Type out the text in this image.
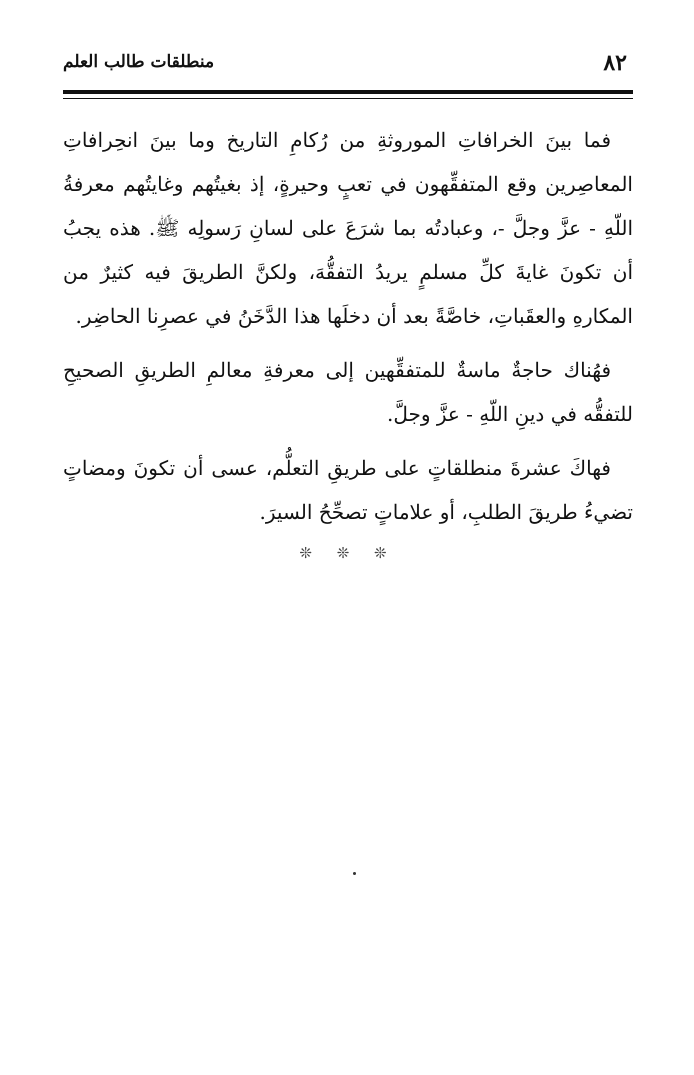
٨٢
منطلقات طالب العلم

فما بينَ الخرافاتِ الموروثةِ من رُكامِ التاريخ وما بينَ انحِرافاتِ المعاصِرين وقع المتفقِّهون في تعبٍ وحيرةٍ، إذ بغيتُهم وغايتُهم معرفةُ اللّهِ - عزَّ وجلَّ -، وعبادتُه بما شرَعَ على لسانِ رَسولِه ﷺ. هذه يجبُ أن تكونَ غايةَ كلِّ مسلمٍ يريدُ التفقُّهَ، ولكنَّ الطريقَ فيه كثيرٌ من المكارهِ والعقَباتِ، خاصَّةً بعد أن دخلَها هذا الدَّخَنُ في عصرِنا الحاضِر.

فهُناك حاجةٌ ماسةٌ للمتفقِّهين إلى معرفةِ معالمِ الطريقِ الصحيحِ للتفقُّه في دينِ اللّهِ - عزَّ وجلَّ.

فهاكَ عشرةَ منطلقاتٍ على طريقِ التعلُّم، عسى أن تكونَ ومضاتٍ تضيءُ طريقَ الطلبِ، أو علاماتٍ تصحِّحُ السيرَ.

❊ ❊ ❊
